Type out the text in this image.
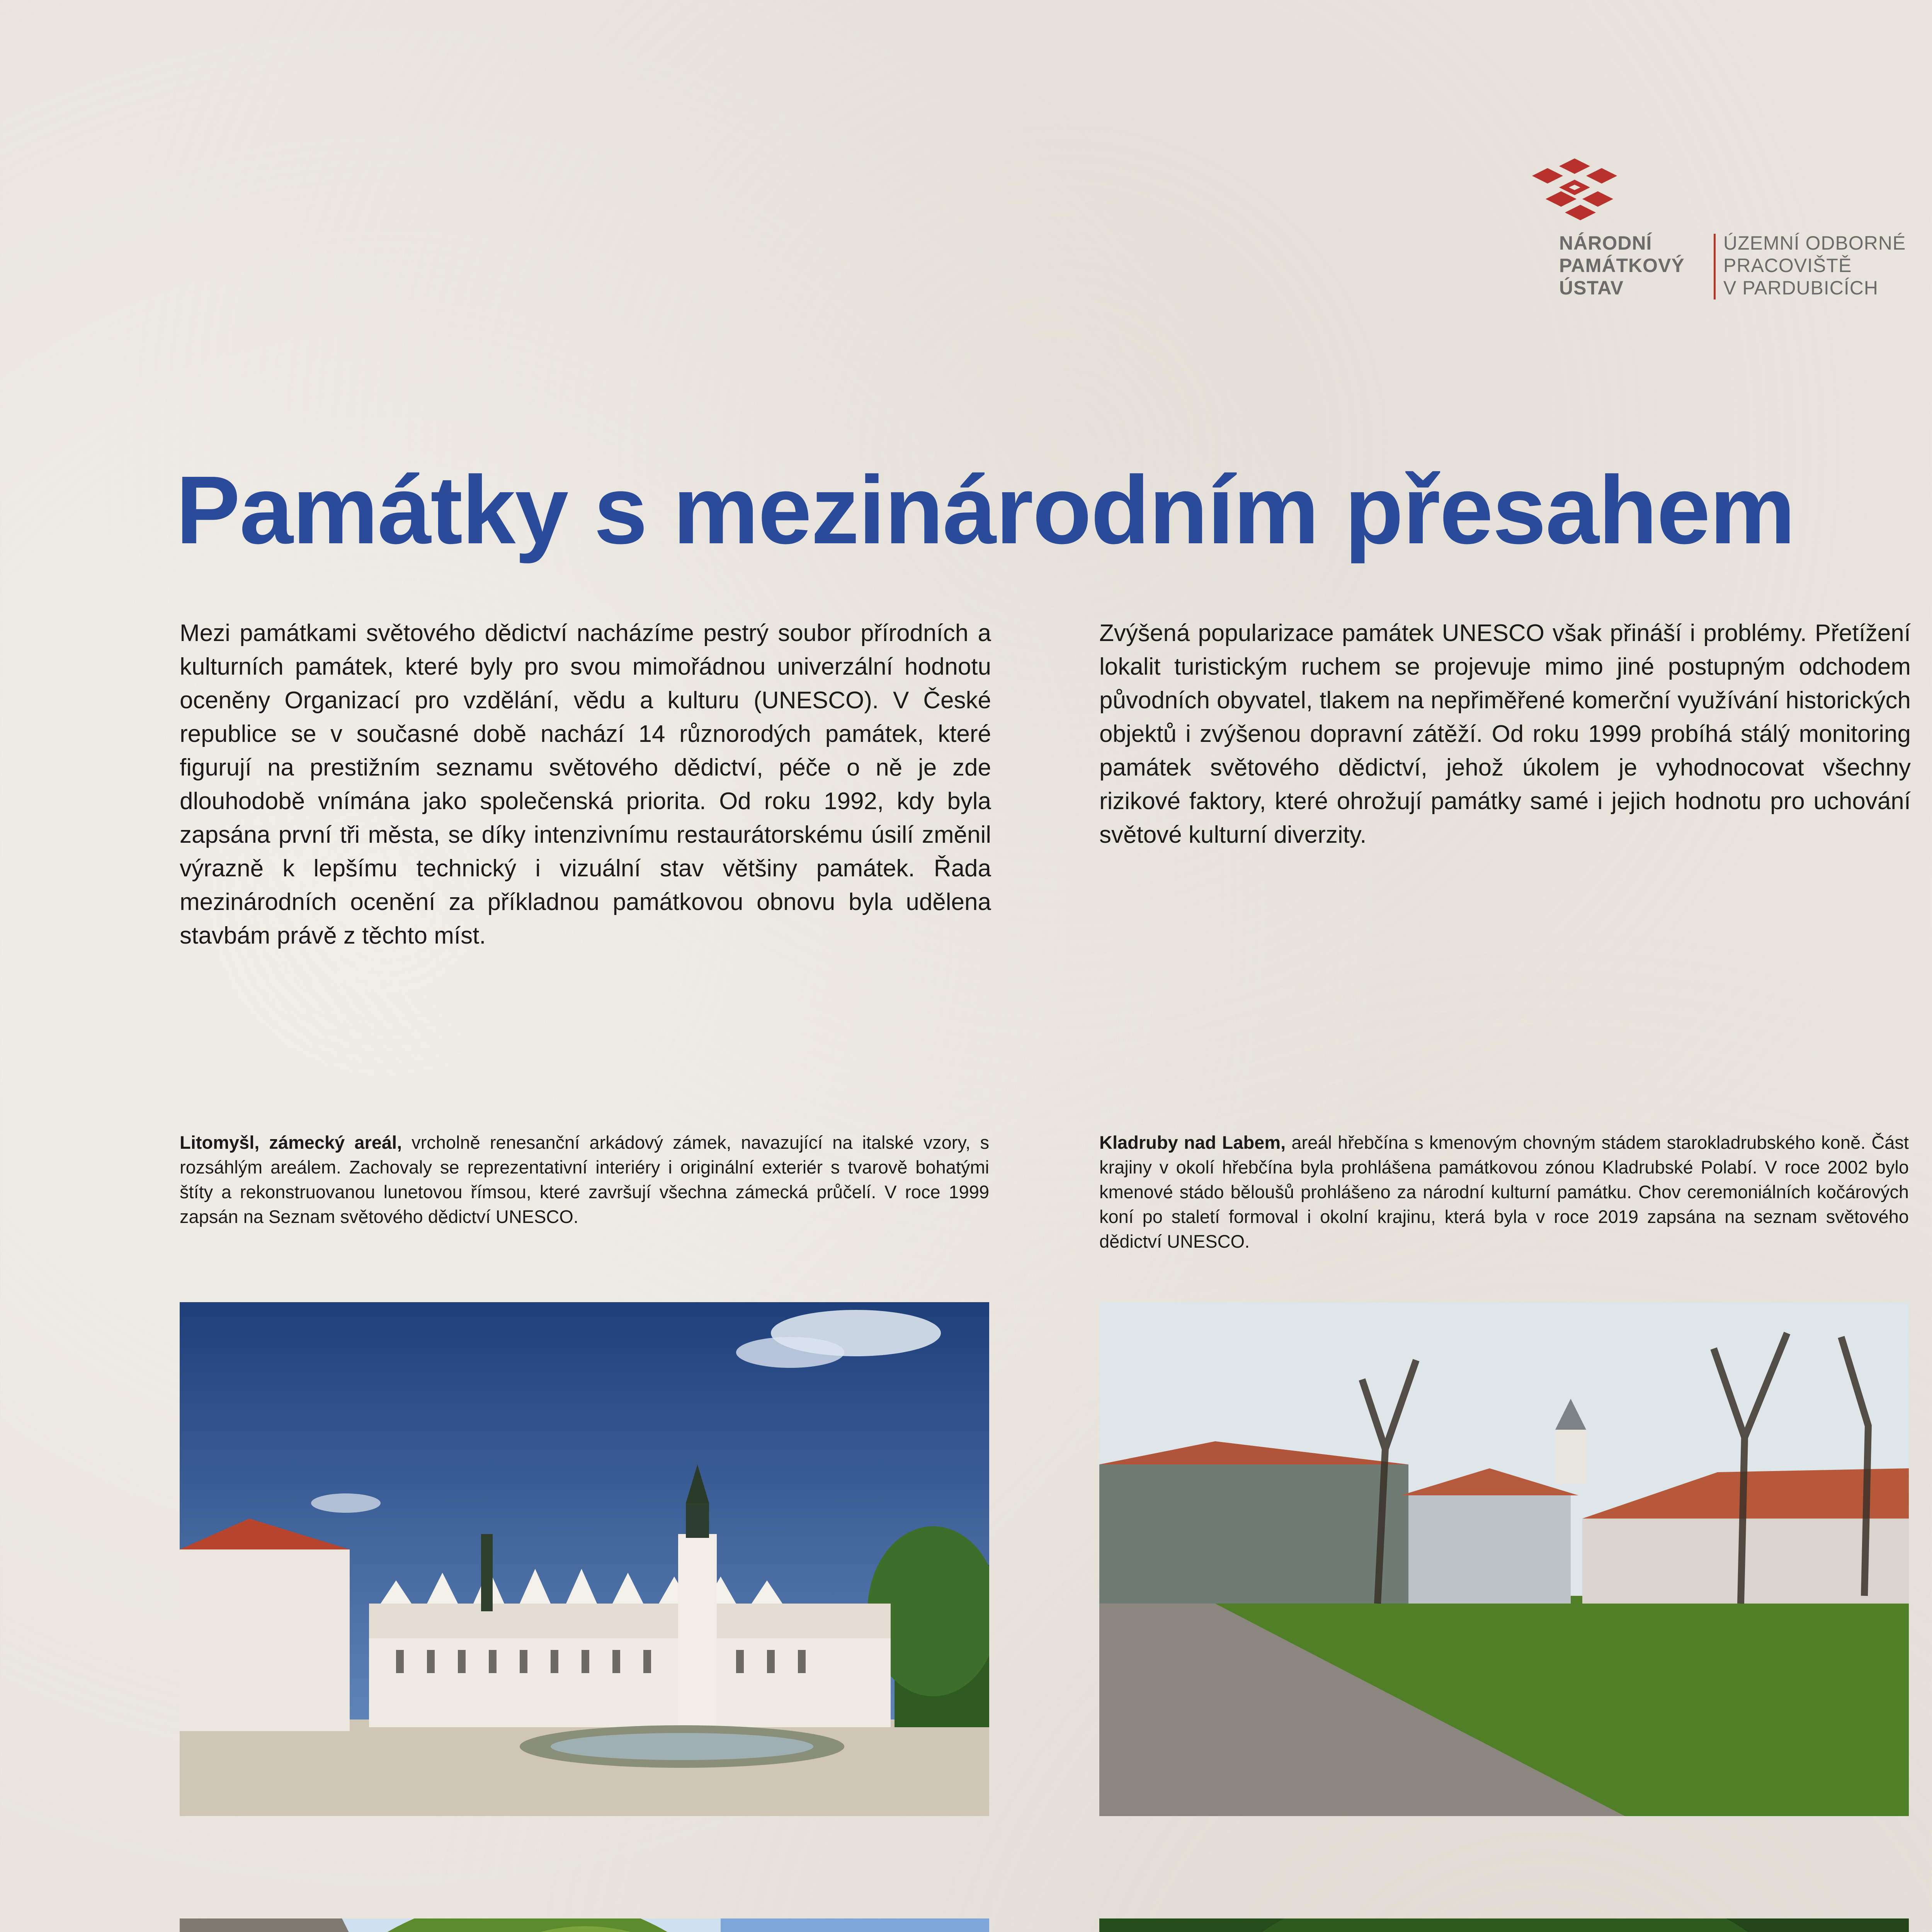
NÁRODNÍ
PAMÁTKOVÝ
ÚSTAV
ÚZEMNÍ ODBORNÉ
PRACOVIŠTĚ
V PARDUBICÍCH
Památky s mezinárodním přesahem
Mezi památkami světového dědictví nacházíme pestrý soubor přírodních a kulturních památek, které byly pro svou mimořádnou univerzální hodnotu oceněny Organizací pro vzdělání, vědu a kulturu (UNESCO). V České republice se v současné době nachází 14 různorodých památek, které figurují na prestižním seznamu světového dědictví, péče o ně je zde dlouhodobě vnímána jako společenská priorita. Od roku 1992, kdy byla zapsána první tři města, se díky intenzivnímu restaurátorskému úsilí změnil výrazně k lepšímu technický i vizuální stav většiny památek. Řada mezinárodních ocenění za příkladnou památkovou obnovu byla udělena stavbám právě z těchto míst.
Zvýšená popularizace památek UNESCO však přináší i problémy. Přetížení lokalit turistickým ruchem se projevuje mimo jiné postupným odchodem původních obyvatel, tlakem na nepřiměřené komerční využívání historických objektů i zvýšenou dopravní zátěží. Od roku 1999 probíhá stálý monitoring památek světového dědictví, jehož úkolem je vyhodnocovat všechny rizikové faktory, které ohrožují památky samé i jejich hodnotu pro uchování světové kulturní diverzity.
Litomyšl, zámecký areál, vrcholně renesanční arkádový zámek, navazující na italské vzory, s rozsáhlým areálem. Zachovaly se reprezentativní interiéry i originální exteriér s tvarově bohatými štíty a rekonstruovanou lunetovou římsou, které završují všechna zámecká průčelí. V roce 1999 zapsán na Seznam světového dědictví UNESCO.
Kladruby nad Labem, areál hřebčína s kmenovým chovným stádem starokladrubského koně. Část krajiny v okolí hřebčína byla prohlášena památkovou zónou Kladrubské Polabí. V roce 2002 bylo kmenové stádo běloušů prohlášeno za národní kulturní památku. Chov ceremoniálních kočárových koní po staletí formoval i okolní krajinu, která byla v roce 2019 zapsána na seznam světového dědictví UNESCO.
